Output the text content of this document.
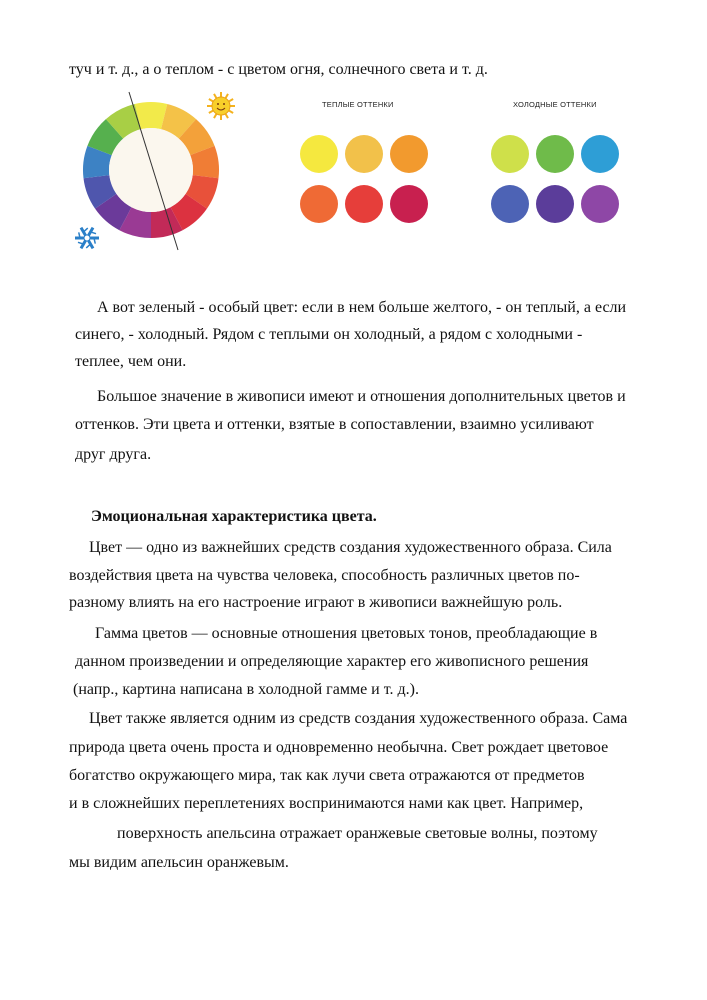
туч и т. д., а о теплом - с цветом огня, солнечного света и т. д.
ТЕПЛЫЕ ОТТЕНКИ	ХОЛОДНЫЕ ОТТЕНКИ
А вот зеленый - особый цвет: если в нем больше желтого, - он теплый, а если
синего, - холодный. Рядом с теплыми он холодный, а рядом с холодными -
теплее, чем они.
Большое значение в живописи имеют и отношения дополнительных цветов и
оттенков. Эти цвета и оттенки, взятые в сопоставлении, взаимно усиливают
друг друга.
Эмоциональная характеристика цвета.
Цвет — одно из важнейших средств создания художественного образа. Сила
воздействия цвета на чувства человека, способность различных цветов по-
разному влиять на его настроение играют в живописи важнейшую роль.
Гамма цветов — основные отношения цветовых тонов, преобладающие в
данном произведении и определяющие характер его живописного решения
(напр., картина написана в холодной гамме и т. д.).
Цвет также является одним из средств создания художественного образа. Сама
природа цвета очень проста и одновременно необычна. Свет рождает цветовое
богатство окружающего мира, так как лучи света отражаются от предметов
и в сложнейших переплетениях воспринимаются нами как цвет. Например,
поверхность апельсина отражает оранжевые световые волны, поэтому
мы видим апельсин оранжевым.
